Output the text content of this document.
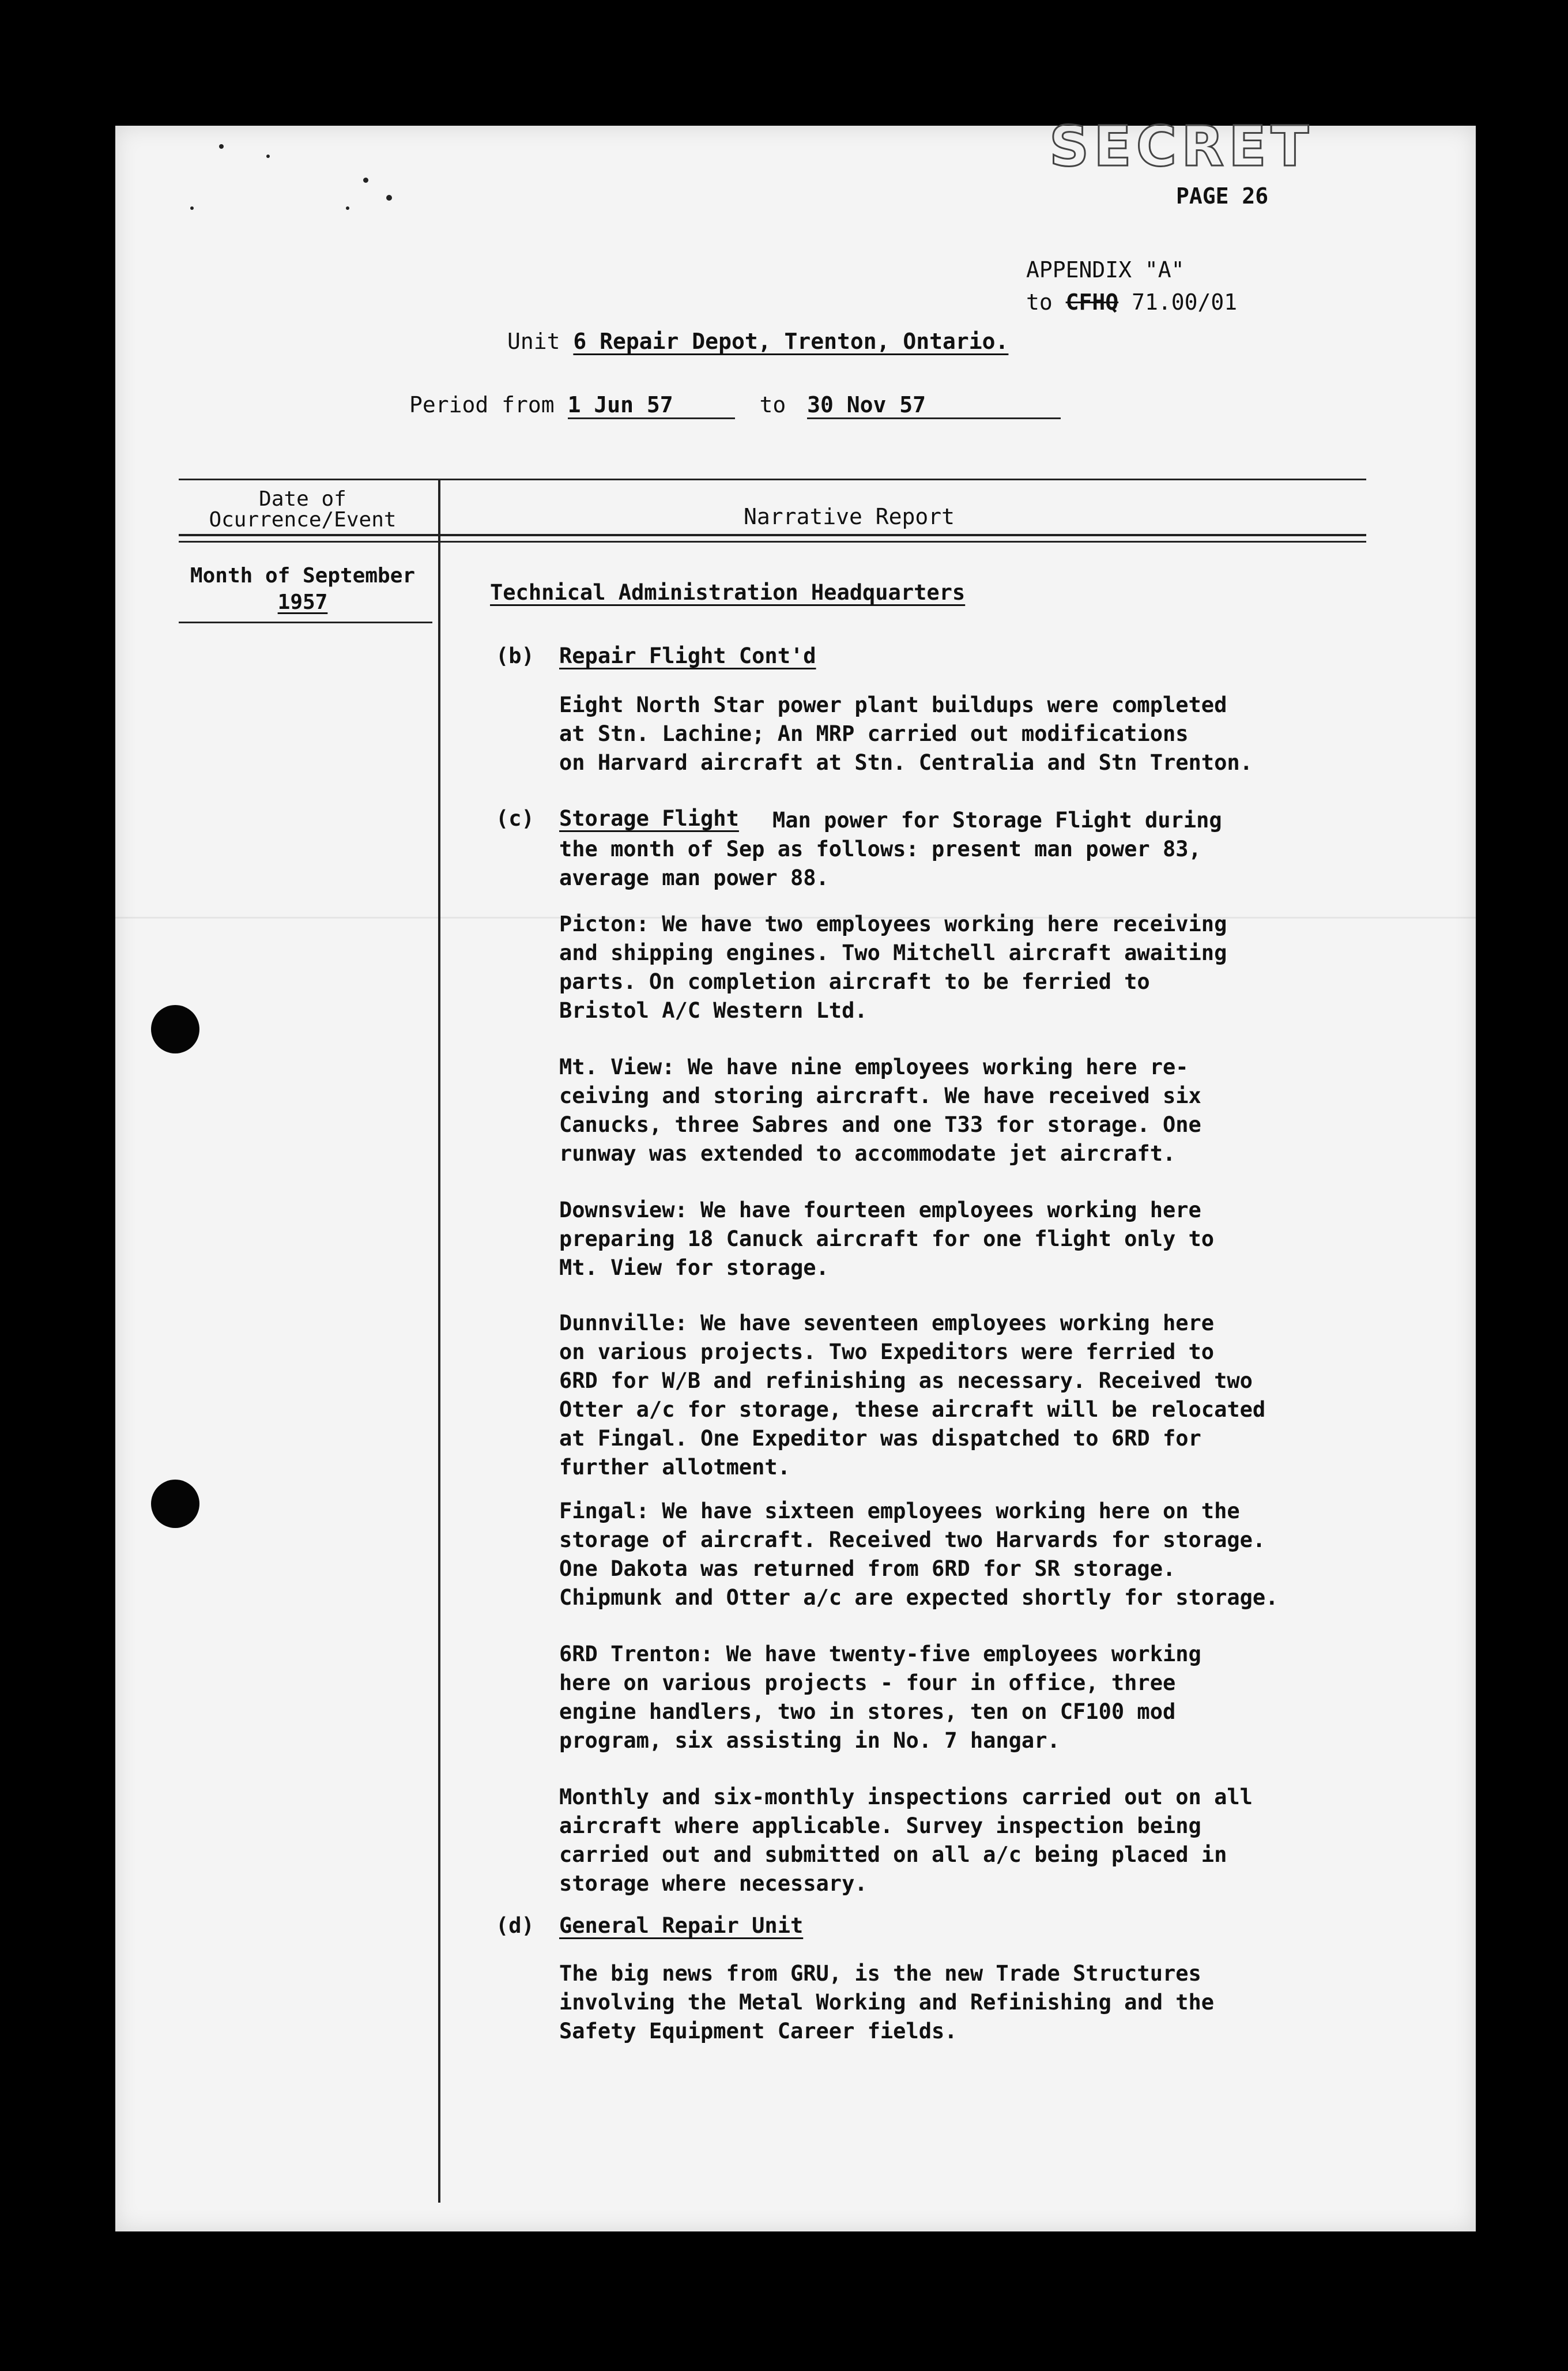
SECRET
PAGE 26
APPENDIX "A"
to CFHQ 71.00/01
Unit 6 Repair Depot, Trenton, Ontario.
Period from 1 Jun 57	to 30 Nov 57
Date of
Ocurrence/Event	Narrative Report
Month of September
1957	Technical Administration Headquarters
(b) Repair Flight Cont'd

Eight North Star power plant buildups were completed
at Stn. Lachine; An MRP carried out modifications
on Harvard aircraft at Stn. Centralia and Stn Trenton.

(c) Storage Flight	Man power for Storage Flight during
the month of Sep as follows: present man power 83,
average man power 88.

Picton: We have two employees working here receiving
and shipping engines. Two Mitchell aircraft awaiting
parts. On completion aircraft to be ferried to
Bristol A/C Western Ltd.

Mt. View: We have nine employees working here re-
ceiving and storing aircraft. We have received six
Canucks, three Sabres and one T33 for storage. One
runway was extended to accommodate jet aircraft.

Downsview: We have fourteen employees working here
preparing 18 Canuck aircraft for one flight only to
Mt. View for storage.

Dunnville: We have seventeen employees working here
on various projects. Two Expeditors were ferried to
6RD for W/B and refinishing as necessary. Received two
Otter a/c for storage, these aircraft will be relocated
at Fingal. One Expeditor was dispatched to 6RD for
further allotment.

Fingal: We have sixteen employees working here on the
storage of aircraft. Received two Harvards for storage.
One Dakota was returned from 6RD for SR storage.
Chipmunk and Otter a/c are expected shortly for storage.

6RD Trenton: We have twenty-five employees working
here on various projects - four in office, three
engine handlers, two in stores, ten on CF100 mod
program, six assisting in No. 7 hangar.

Monthly and six-monthly inspections carried out on all
aircraft where applicable. Survey inspection being
carried out and submitted on all a/c being placed in
storage where necessary.

(d) General Repair Unit

The big news from GRU, is the new Trade Structures
involving the Metal Working and Refinishing and the
Safety Equipment Career fields.
